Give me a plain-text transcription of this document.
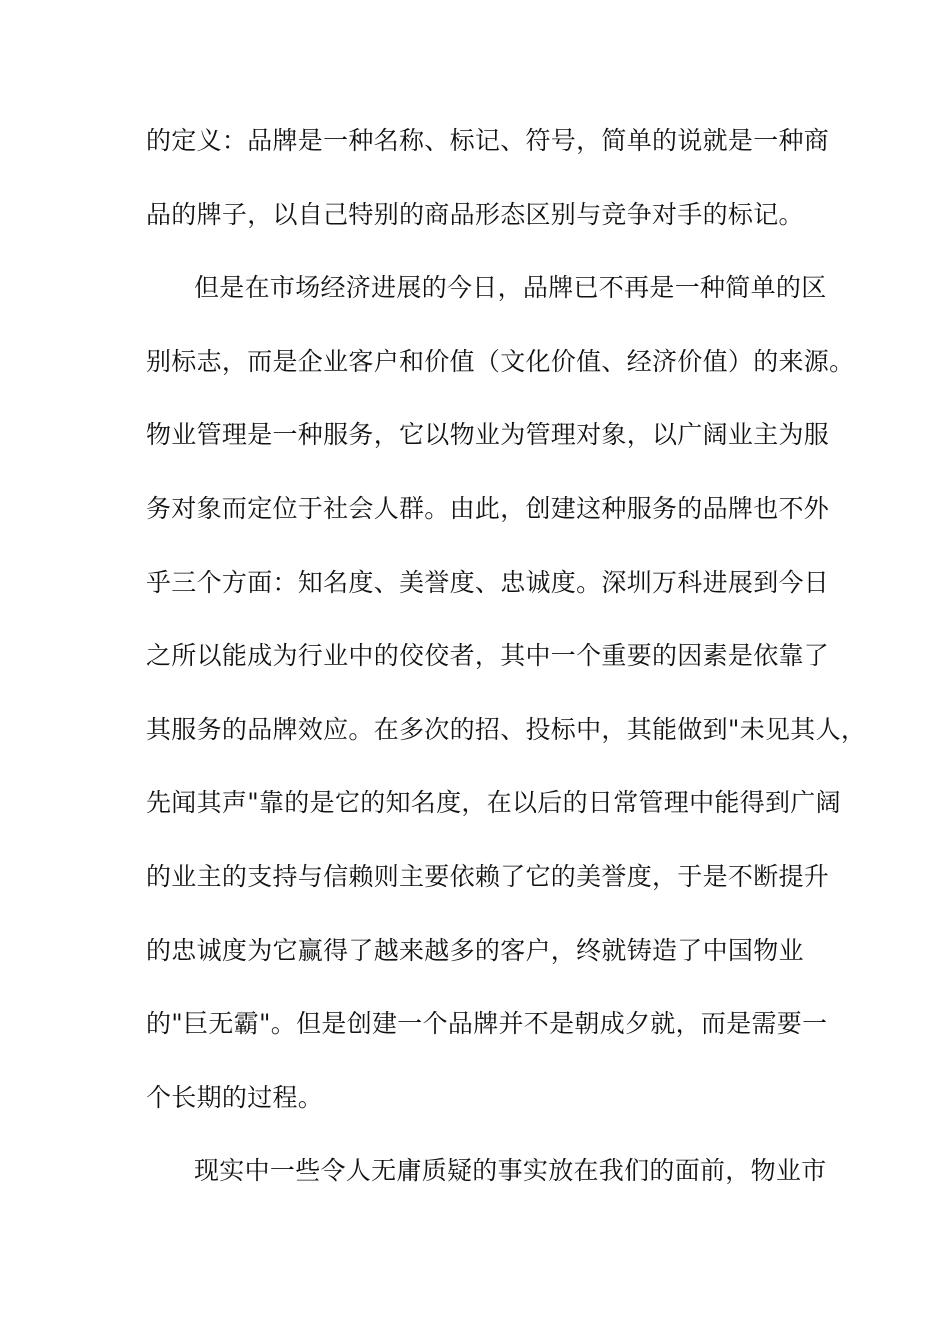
的定义：品牌是一种名称、标记、符号，简单的说就是一种商
品的牌子，以自己特别的商品形态区别与竞争对手的标记。
但是在市场经济进展的今日，品牌已不再是一种简单的区
别标志，而是企业客户和价值（文化价值、经济价值）的来源。
物业管理是一种服务，它以物业为管理对象，以广阔业主为服
务对象而定位于社会人群。由此，创建这种服务的品牌也不外
乎三个方面：知名度、美誉度、忠诚度。深圳万科进展到今日
之所以能成为行业中的佼佼者，其中一个重要的因素是依靠了
其服务的品牌效应。在多次的招、投标中，其能做到"未见其人，
先闻其声"靠的是它的知名度，在以后的日常管理中能得到广阔
的业主的支持与信赖则主要依赖了它的美誉度，于是不断提升
的忠诚度为它赢得了越来越多的客户，终就铸造了中国物业
的"巨无霸"。但是创建一个品牌并不是朝成夕就，而是需要一
个长期的过程。
现实中一些令人无庸质疑的事实放在我们的面前，物业市
